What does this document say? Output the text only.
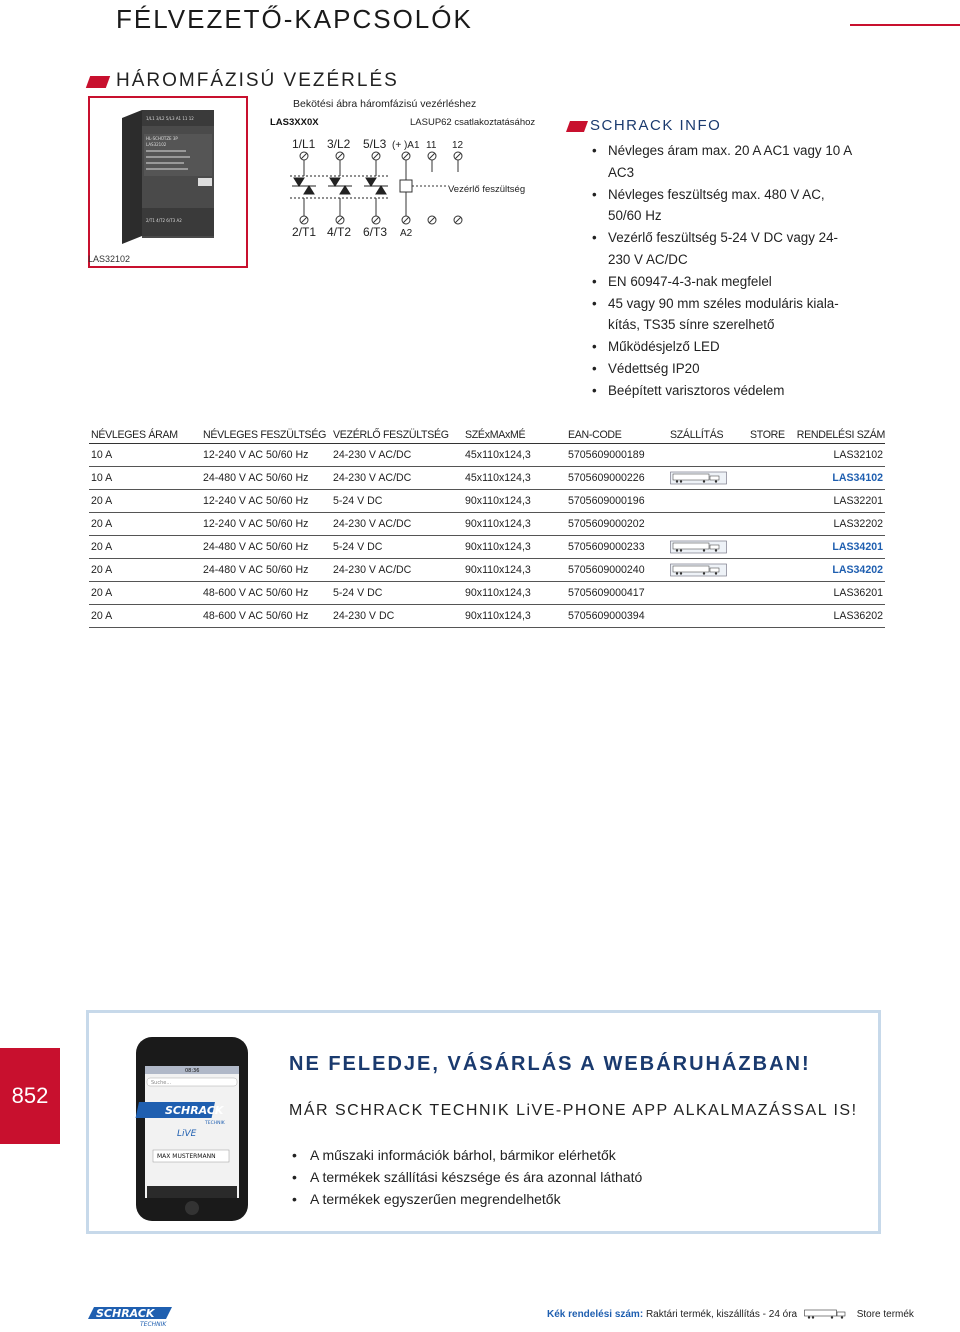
FÉLVEZETŐ-KAPCSOLÓK
HÁROMFÁZISÚ VEZÉRLÉS
1/L1 3/L2 5/L3 A1 11 12
HL-SCHÜTZE 3P
LAS32102
2/T1 4/T2 6/T3 A2
LAS32102
Bekötési ábra háromfázisú vezérléshez
LAS3XX0X	LASUP62 csatlakoztatásához
1/L1 3/L2 5/L3 (+ )A1 11 12
2/T1 4/T2 6/T3 A2
Vezérlő feszültség
SCHRACK INFO
• Névleges áram max. 20 A AC1 vagy 10 A AC3
• Névleges feszültség max. 480 V AC, 50/60 Hz
• Vezérlő feszültség 5-24 V DC vagy 24-230 V AC/DC
• EN 60947-4-3-nak megfelel
• 45 vagy 90 mm széles moduláris kiala-kítás, TS35 sínre szerelhető
• Működésjelző LED
• Védettség IP20
• Beépített varisztoros védelem
NÉVLEGES ÁRAM	NÉVLEGES FESZÜLTSÉG	VEZÉRLŐ FESZÜLTSÉG	SZÉxMAxMÉ	EAN-CODE	SZÁLLÍTÁS	STORE	RENDELÉSI SZÁM
10 A	12-240 V AC 50/60 Hz	24-230 V AC/DC	45x110x124,3	5705609000189			LAS32102
10 A	24-480 V AC 50/60 Hz	24-230 V AC/DC	45x110x124,3	5705609000226			LAS34102
20 A	12-240 V AC 50/60 Hz	5-24 V DC	90x110x124,3	5705609000196			LAS32201
20 A	12-240 V AC 50/60 Hz	24-230 V AC/DC	90x110x124,3	5705609000202			LAS32202
20 A	24-480 V AC 50/60 Hz	5-24 V DC	90x110x124,3	5705609000233			LAS34201
20 A	24-480 V AC 50/60 Hz	24-230 V AC/DC	90x110x124,3	5705609000240			LAS34202
20 A	48-600 V AC 50/60 Hz	5-24 V DC	90x110x124,3	5705609000417			LAS36201
20 A	48-600 V AC 50/60 Hz	24-230 V DC	90x110x124,3	5705609000394			LAS36202
852
08:36
Suche...
SCHRACK
TECHNIK
LiVE
MAX MUSTERMANN
NE FELEDJE, VÁSÁRLÁS A WEBÁRUHÁZBAN!
MÁR SCHRACK TECHNIK LiVE-PHONE APP ALKALMAZÁSSAL IS!
• A műszaki információk bárhol, bármikor elérhetők
• A termékek szállítási készsége és ára azonnal látható
• A termékek egyszerűen megrendelhetők
SCHRACK
TECHNIK
Kék rendelési szám: Raktári termék, kiszállítás - 24 óra	Store termék
